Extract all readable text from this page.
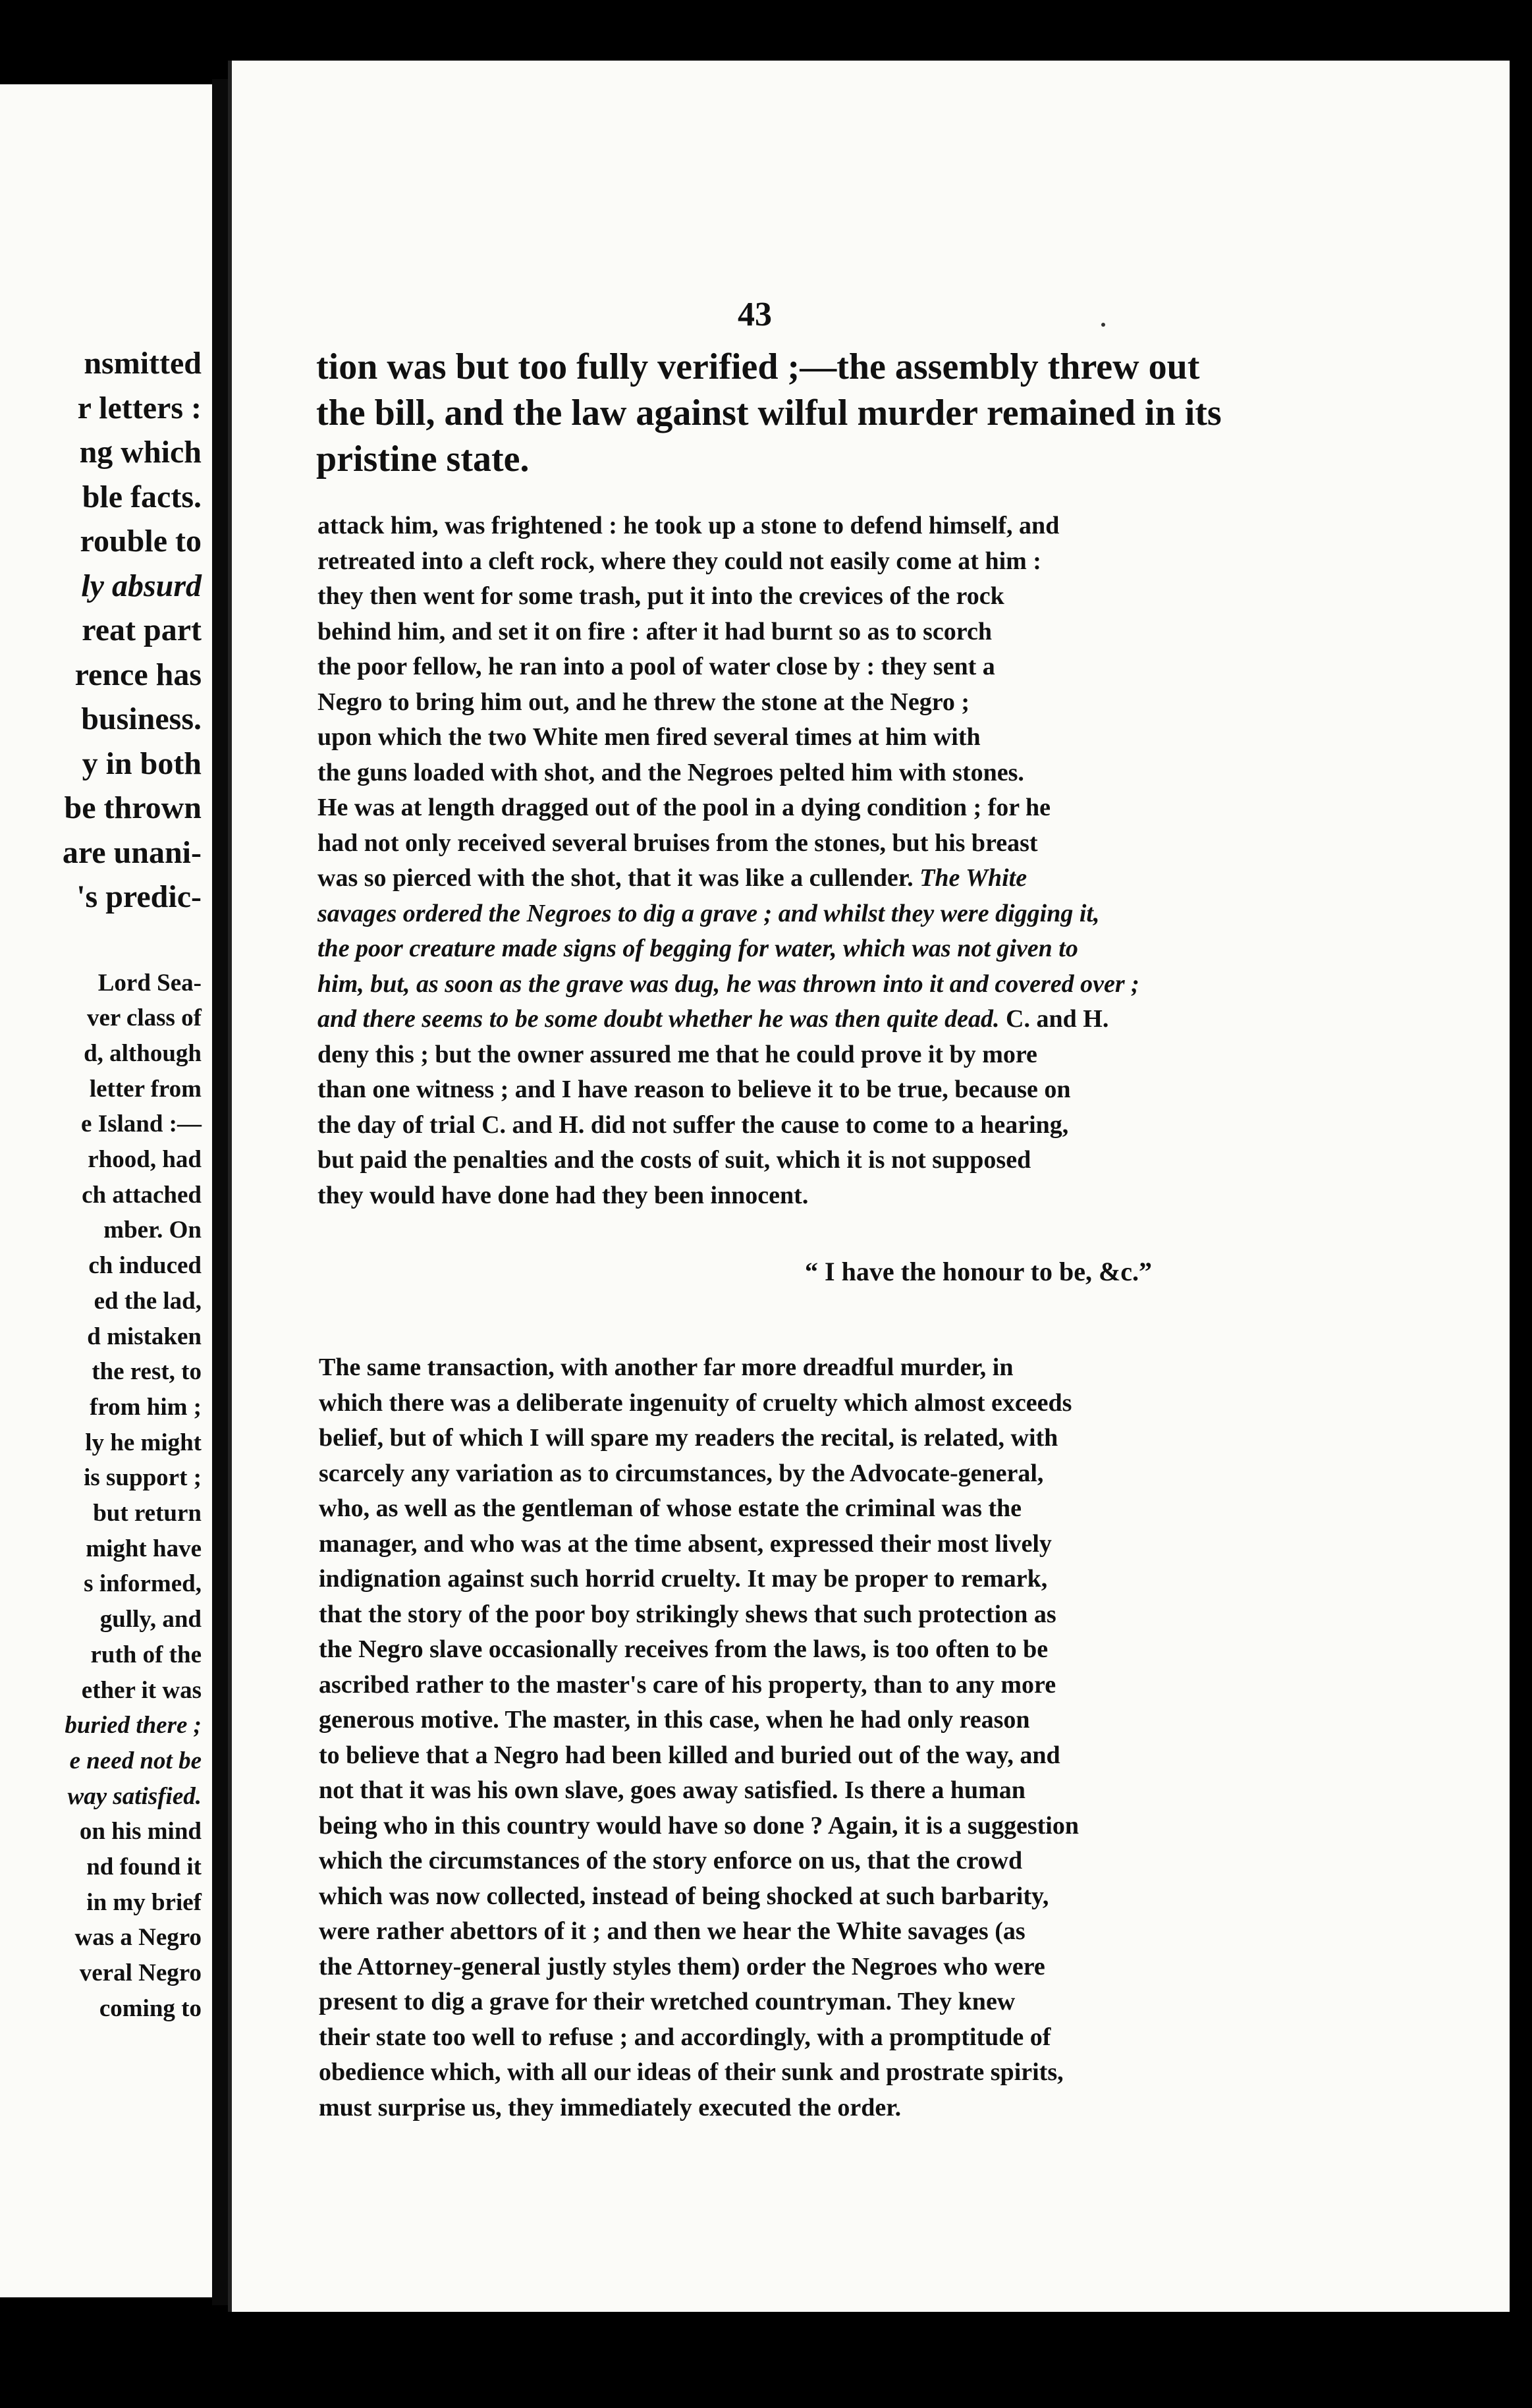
nsmitted
r letters :
ng which
ble facts.
rouble to
ly absurd
reat part
rence has
business.
y in both
be thrown
are unani-
's predic-
Lord Sea-
ver class of
d, although
letter from
e Island :—
rhood, had
ch attached
mber. On
ch induced
ed the lad,
d mistaken
the rest, to
from him ;
ly he might
is support ;
but return
might have
s informed,
gully, and
ruth of the
ether it was
buried there ;
e need not be
way satisfied.
on his mind
nd found it
in my brief
was a Negro
veral Negro
coming to
43

tion was but too fully verified ;—the assembly threw out

the bill, and the law against wilful murder remained in its

pristine state.

attack him, was frightened : he took up a stone to defend himself, and

retreated into a cleft rock, where they could not easily come at him :

they then went for some trash, put it into the crevices of the rock

behind him, and set it on fire : after it had burnt so as to scorch

the poor fellow, he ran into a pool of water close by : they sent a

Negro to bring him out, and he threw the stone at the Negro ;

upon which the two White men fired several times at him with

the guns loaded with shot, and the Negroes pelted him with stones.

He was at length dragged out of the pool in a dying condition ; for he

had not only received several bruises from the stones, but his breast

was so pierced with the shot, that it was like a cullender. The White

savages ordered the Negroes to dig a grave ; and whilst they were digging it,

the poor creature made signs of begging for water, which was not given to

him, but, as soon as the grave was dug, he was thrown into it and covered over ;

and there seems to be some doubt whether he was then quite dead. C. and H.

deny this ; but the owner assured me that he could prove it by more

than one witness ; and I have reason to believe it to be true, because on

the day of trial C. and H. did not suffer the cause to come to a hearing,

but paid the penalties and the costs of suit, which it is not supposed

they would have done had they been innocent.

“ I have the honour to be, &c.”

The same transaction, with another far more dreadful murder, in

which there was a deliberate ingenuity of cruelty which almost exceeds

belief, but of which I will spare my readers the recital, is related, with

scarcely any variation as to circumstances, by the Advocate-general,

who, as well as the gentleman of whose estate the criminal was the

manager, and who was at the time absent, expressed their most lively

indignation against such horrid cruelty. It may be proper to remark,

that the story of the poor boy strikingly shews that such protection as

the Negro slave occasionally receives from the laws, is too often to be

ascribed rather to the master's care of his property, than to any more

generous motive. The master, in this case, when he had only reason

to believe that a Negro had been killed and buried out of the way, and

not that it was his own slave, goes away satisfied. Is there a human

being who in this country would have so done ? Again, it is a suggestion

which the circumstances of the story enforce on us, that the crowd

which was now collected, instead of being shocked at such barbarity,

were rather abettors of it ; and then we hear the White savages (as

the Attorney-general justly styles them) order the Negroes who were

present to dig a grave for their wretched countryman. They knew

their state too well to refuse ; and accordingly, with a promptitude of

obedience which, with all our ideas of their sunk and prostrate spirits,

must surprise us, they immediately executed the order.
